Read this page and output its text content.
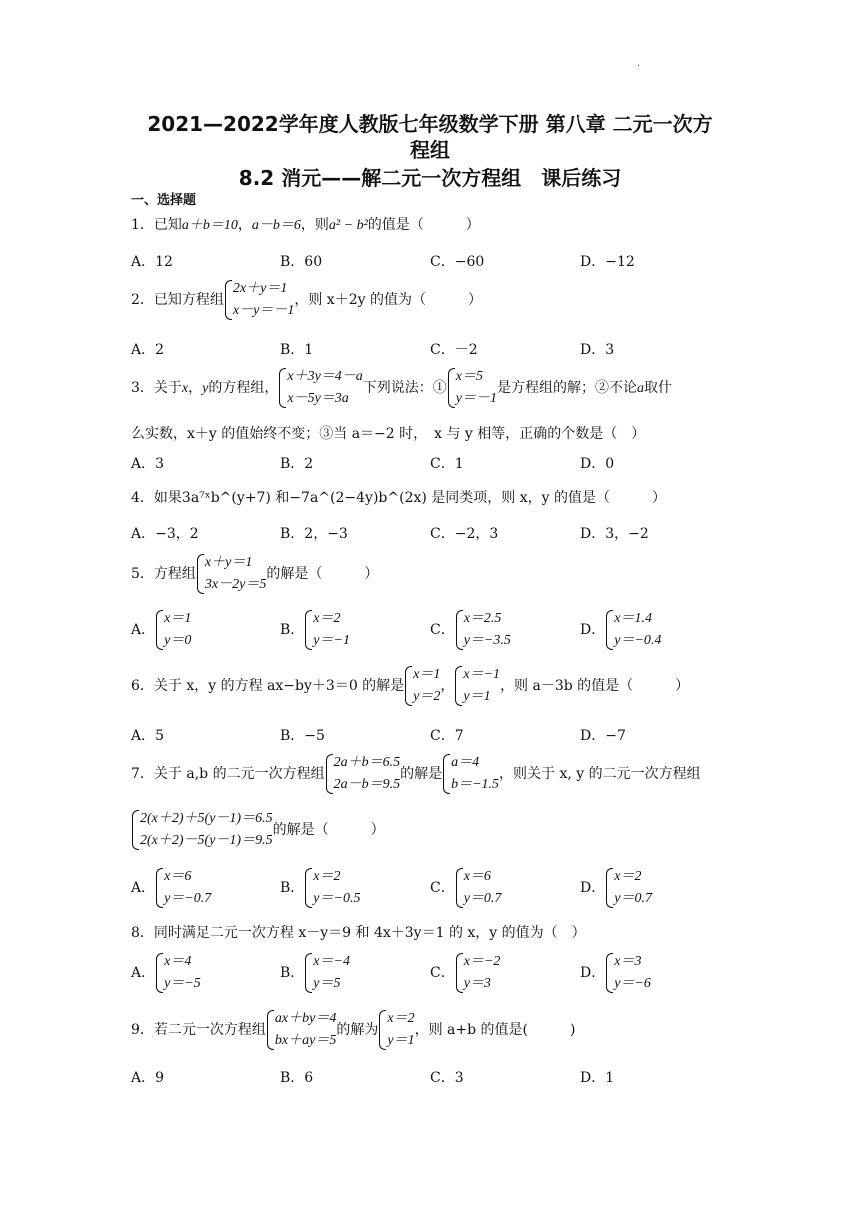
.
2021—2022学年度人教版七年级数学下册 第八章 二元一次方
程组
8.2 消元——解二元一次方程组　课后练习
一、选择题
1．已知a＋b＝10，a－b＝6，则a² − b²的值是（　　　）
A．12	B．60	C．−60	D．−12
2．已知方程组
2x＋y＝1
x－y＝－1
，则 x＋2y 的值为（　　　）
A．2	B．1	C．－2	D．3
3．关于x，y的方程组，
x＋3y＝4－a
x－5y＝3a
下列说法：①
x＝5
y＝－1
是方程组的解；②不论a取什
么实数，x＋y 的值始终不变；③当 a＝−2 时，　x 与 y 相等，正确的个数是（　）
A．3	B．2	C．1	D．0
4．如果3a⁷ˣb^(y+7) 和−7a^(2−4y)b^(2x) 是同类项，则 x，y 的值是（　　　）
A．−3，2	B．2，−3	C．−2，3	D．3，−2
5．方程组
x＋y＝1
3x－2y＝5
的解是（　　　）
A．
x＝1
y＝0
B．
x＝2
y＝−1
C．
x＝2.5
y＝−3.5
D．
x＝1.4
y＝−0.4
6．关于 x，y 的方程 ax−by＋3＝0 的解是
x＝1
y＝2
，
x＝−1
y＝1
，则 a－3b 的值是（　　　）
A．5	B．−5	C．7	D．−7
7．关于 a,b 的二元一次方程组
2a＋b＝6.5
2a－b＝9.5
的解是
a＝4
b＝−1.5
，则关于 x, y 的二元一次方程组
2(x＋2)＋5(y－1)＝6.5
2(x＋2)－5(y－1)＝9.5
的解是（　　　）
A．
x＝6
y＝−0.7
B．
x＝2
y＝−0.5
C．
x＝6
y＝0.7
D．
x＝2
y＝0.7
8．同时满足二元一次方程 x－y＝9 和 4x＋3y＝1 的 x，y 的值为（　）
A．
x＝4
y＝−5
B．
x＝−4
y＝5
C．
x＝−2
y＝3
D．
x＝3
y＝−6
9．若二元一次方程组
ax＋by＝4
bx＋ay＝5
的解为
x＝2
y＝1
，则 a+b 的值是(　　　)
A．9	B．6	C．3	D．1
